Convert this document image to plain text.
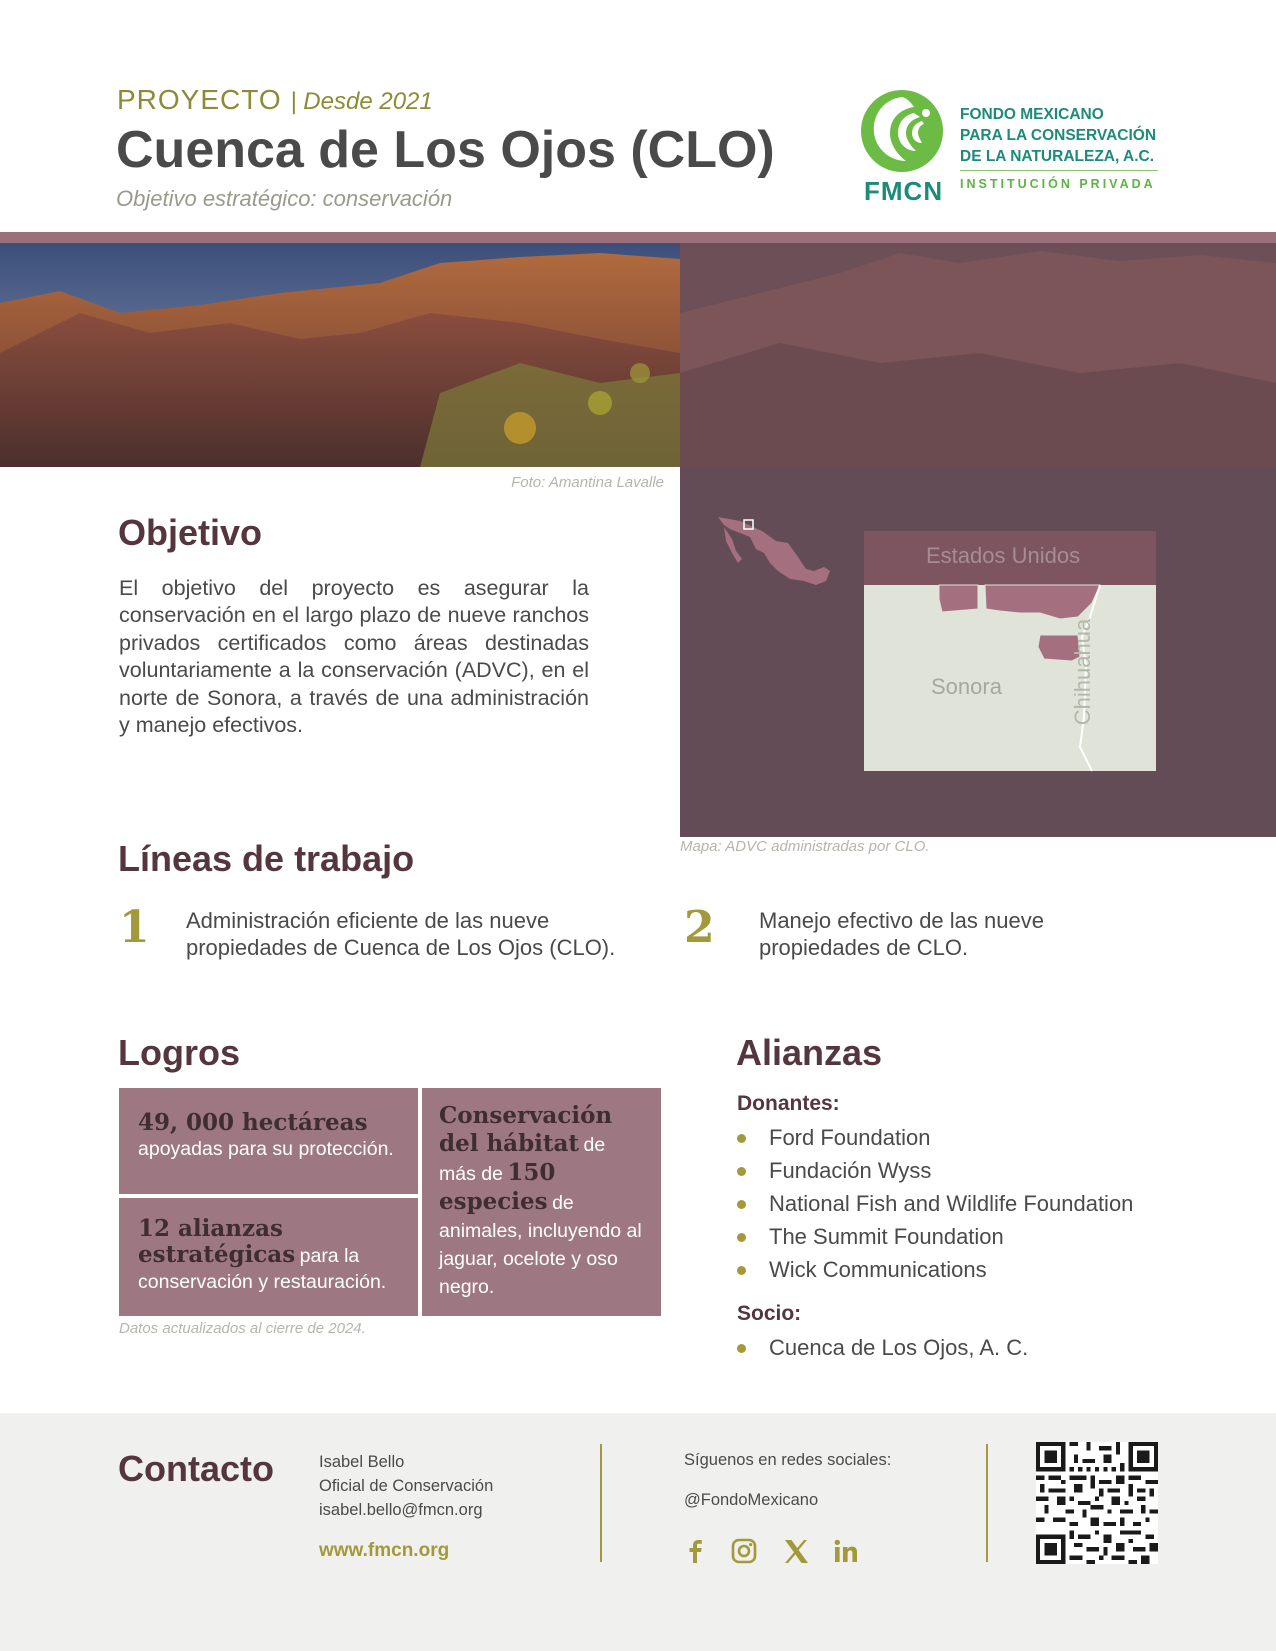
PROYECTO | Desde 2021
Cuenca de Los Ojos (CLO)
Objetivo estratégico: conservación	FMCN
FONDO MEXICANO
PARA LA CONSERVACIÓN
DE LA NATURALEZA, A.C.
INSTITUCIÓN PRIVADA
Foto: Amantina Lavalle
Objetivo

El objetivo del proyecto es asegurar la conservación en el largo plazo de nueve ranchos privados certificados como áreas destinadas voluntariamente a la conservación (ADVC), en el norte de Sonora, a través de una administración y manejo efectivos.

Estados Unidos
Sonora	Chihuahua
Mapa: ADVC administradas por CLO.
Líneas de trabajo
1 Administración eficiente de las nueve propiedades de Cuenca de Los Ojos (CLO). 2 Manejo efectivo de las nueve propiedades de CLO.
Logros
49, 000 hectáreas
apoyadas para su protección.
12 alianzas estratégicas para la conservación y restauración.
Conservación del hábitat de más de 150 especies de animales, incluyendo al jaguar, ocelote y oso negro.
Datos actualizados al cierre de 2024.
Alianzas
Donantes:
Ford Foundation
Fundación Wyss
National Fish and Wildlife Foundation
The Summit Foundation
Wick Communications
Socio:
Cuenca de Los Ojos, A. C.
Contacto	Isabel Bello
Oficial de Conservación
isabel.bello@fmcn.org
www.fmcn.org
Síguenos en redes sociales:
@FondoMexicano
